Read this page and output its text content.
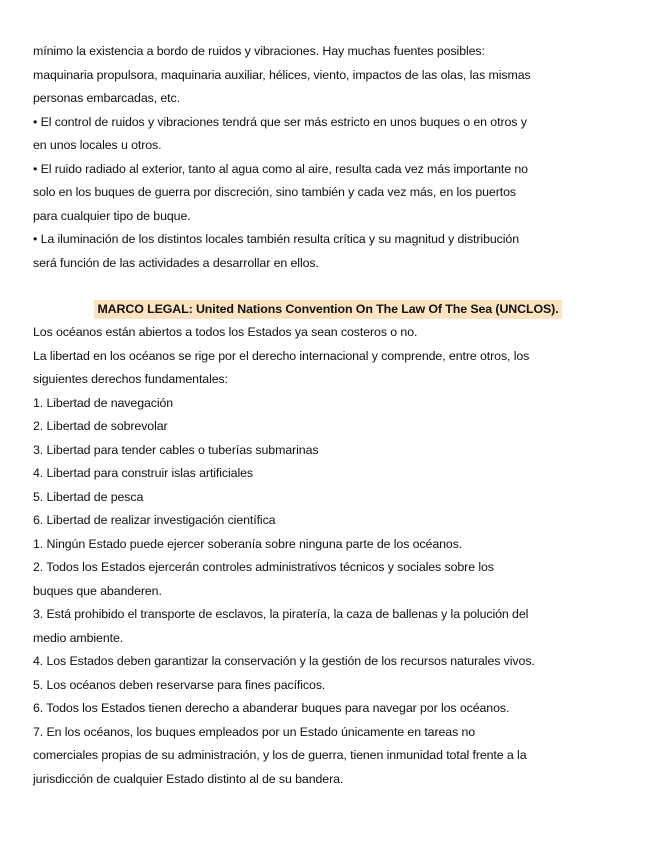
mínimo la existencia a bordo de ruidos y vibraciones. Hay muchas fuentes posibles:
maquinaria propulsora, maquinaria auxiliar, hélices, viento, impactos de las olas, las mismas
personas embarcadas, etc.
• El control de ruidos y vibraciones tendrá que ser más estricto en unos buques o en otros y
en unos locales u otros.
• El ruido radiado al exterior, tanto al agua como al aire, resulta cada vez más importante no
solo en los buques de guerra por discreción, sino también y cada vez más, en los puertos
para cualquier tipo de buque.
• La iluminación de los distintos locales también resulta crítica y su magnitud y distribución
será función de las actividades a desarrollar en ellos.
MARCO LEGAL: United Nations Convention On The Law Of The Sea (UNCLOS).
Los océanos están abiertos a todos los Estados ya sean costeros o no.
La libertad en los océanos se rige por el derecho internacional y comprende, entre otros, los
siguientes derechos fundamentales:
1. Libertad de navegación
2. Libertad de sobrevolar
3. Libertad para tender cables o tuberías submarinas
4. Libertad para construir islas artificiales
5. Libertad de pesca
6. Libertad de realizar investigación científica
1. Ningún Estado puede ejercer soberanía sobre ninguna parte de los océanos.
2. Todos los Estados ejercerán controles administrativos técnicos y sociales sobre los
buques que abanderen.
3. Está prohibido el transporte de esclavos, la piratería, la caza de ballenas y la polución del
medio ambiente.
4. Los Estados deben garantizar la conservación y la gestión de los recursos naturales vivos.
5. Los océanos deben reservarse para fines pacíficos.
6. Todos los Estados tienen derecho a abanderar buques para navegar por los océanos.
7. En los océanos, los buques empleados por un Estado únicamente en tareas no
comerciales propias de su administración, y los de guerra, tienen inmunidad total frente a la
jurisdicción de cualquier Estado distinto al de su bandera.
